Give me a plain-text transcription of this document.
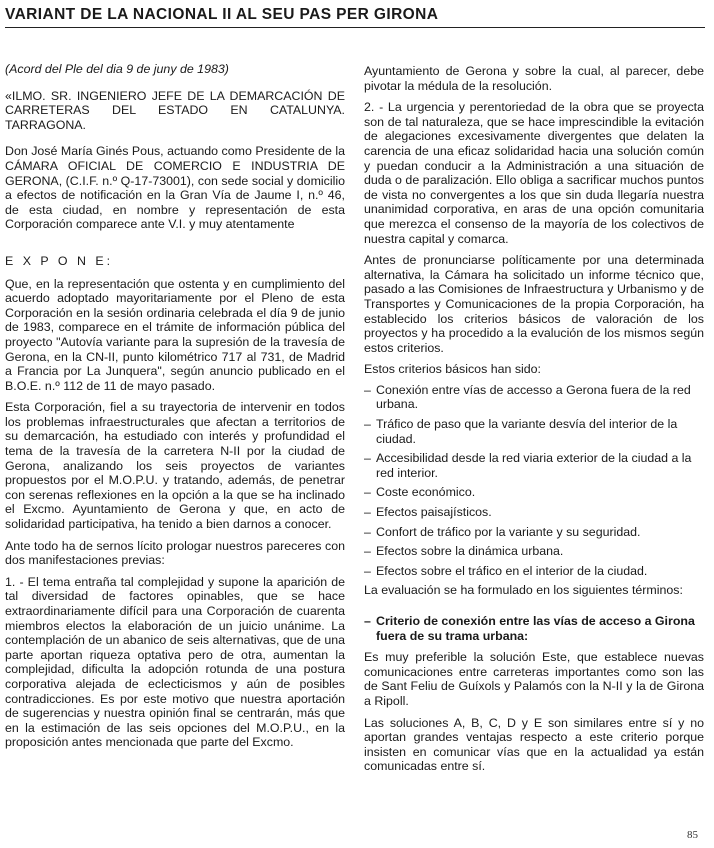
VARIANT DE LA NACIONAL II AL SEU PAS PER GIRONA

(Acord del Ple del dia 9 de juny de 1983)

«ILMO. SR. INGENIERO JEFE DE LA DEMARCACIÓN DE CARRETERAS DEL ESTADO EN CATALUNYA. TARRAGONA.

Don José María Ginés Pous, actuando como Presidente de la CÁMARA OFICIAL DE COMERCIO E INDUSTRIA DE GERONA, (C.I.F. n.º Q-17-73001), con sede social y domicilio a efectos de notificación en la Gran Vía de Jaume I, n.º 46, de esta ciudad, en nombre y representación de esta Corporación comparece ante V.I. y muy atentamente

E X P O N E:

Que, en la representación que ostenta y en cumplimiento del acuerdo adoptado mayoritariamente por el Pleno de esta Corporación en la sesión ordinaria celebrada el día 9 de junio de 1983, comparece en el trámite de información pública del proyecto "Autovía variante para la supresión de la travesía de Gerona, en la CN-II, punto kilométrico 717 al 731, de Madrid a Francia por La Junquera", según anuncio publicado en el B.O.E. n.º 112 de 11 de mayo pasado.

Esta Corporación, fiel a su trayectoria de intervenir en todos los problemas infraestructurales que afectan a territorios de su demarcación, ha estudiado con interés y profundidad el tema de la travesía de la carretera N-II por la ciudad de Gerona, analizando los seis proyectos de variantes propuestos por el M.O.P.U. y tratando, además, de penetrar con serenas reflexiones en la opción a la que se ha inclinado el Excmo. Ayuntamiento de Gerona y que, en acto de solidaridad participativa, ha tenido a bien darnos a conocer.

Ante todo ha de sernos lícito prologar nuestros pareceres con dos manifestaciones previas:

1. - El tema entraña tal complejidad y supone la aparición de tal diversidad de factores opinables, que se hace extraordinariamente difícil para una Corporación de cuarenta miembros electos la elaboración de un juicio unánime. La contemplación de un abanico de seis alternativas, que de una parte aportan riqueza optativa pero de otra, aumentan la complejidad, dificulta la adopción rotunda de una postura corporativa alejada de eclecticismos y aún de posibles contradicciones. Es por este motivo que nuestra aportación de sugerencias y nuestra opinión final se centrarán, más que en la estimación de las seis opciones del M.O.P.U., en la proposición antes mencionada que parte del Excmo.

Ayuntamiento de Gerona y sobre la cual, al parecer, debe pivotar la médula de la resolución.

2. - La urgencia y perentoriedad de la obra que se proyecta son de tal naturaleza, que se hace imprescindible la evitación de alegaciones excesivamente divergentes que delaten la carencia de una eficaz solidaridad hacia una solución común y puedan conducir a la Administración a una situación de duda o de paralización. Ello obliga a sacrificar muchos puntos de vista no convergentes a los que sin duda llegaría nuestra unanimidad corporativa, en aras de una opción comunitaria que merezca el consenso de la mayoría de los colectivos de nuestra capital y comarca.

Antes de pronunciarse políticamente por una determinada alternativa, la Cámara ha solicitado un informe técnico que, pasado a las Comisiones de Infraestructura y Urbanismo y de Transportes y Comunicaciones de la propia Corporación, ha establecido los criterios básicos de valoración de los proyectos y ha procedido a la evalución de los mismos según estos criterios.

Estos criterios básicos han sido:

– Conexión entre vías de accesso a Gerona fuera de la red urbana.
– Tráfico de paso que la variante desvía del interior de la ciudad.
– Accesibilidad desde la red viaria exterior de la ciudad a la red interior.
– Coste económico.
– Efectos paisajísticos.
– Confort de tráfico por la variante y su seguridad.
– Efectos sobre la dinámica urbana.
– Efectos sobre el tráfico en el interior de la ciudad.

La evaluación se ha formulado en los siguientes términos:

– Criterio de conexión entre las vías de acceso a Girona fuera de su trama urbana:

Es muy preferible la solución Este, que establece nuevas comunicaciones entre carreteras importantes como son las de Sant Feliu de Guíxols y Palamós con la N-II y la de Girona a Ripoll.

Las soluciones A, B, C, D y E son similares entre sí y no aportan grandes ventajas respecto a este criterio porque insisten en comunicar vías que en la actualidad ya están comunicadas entre sí.

85
